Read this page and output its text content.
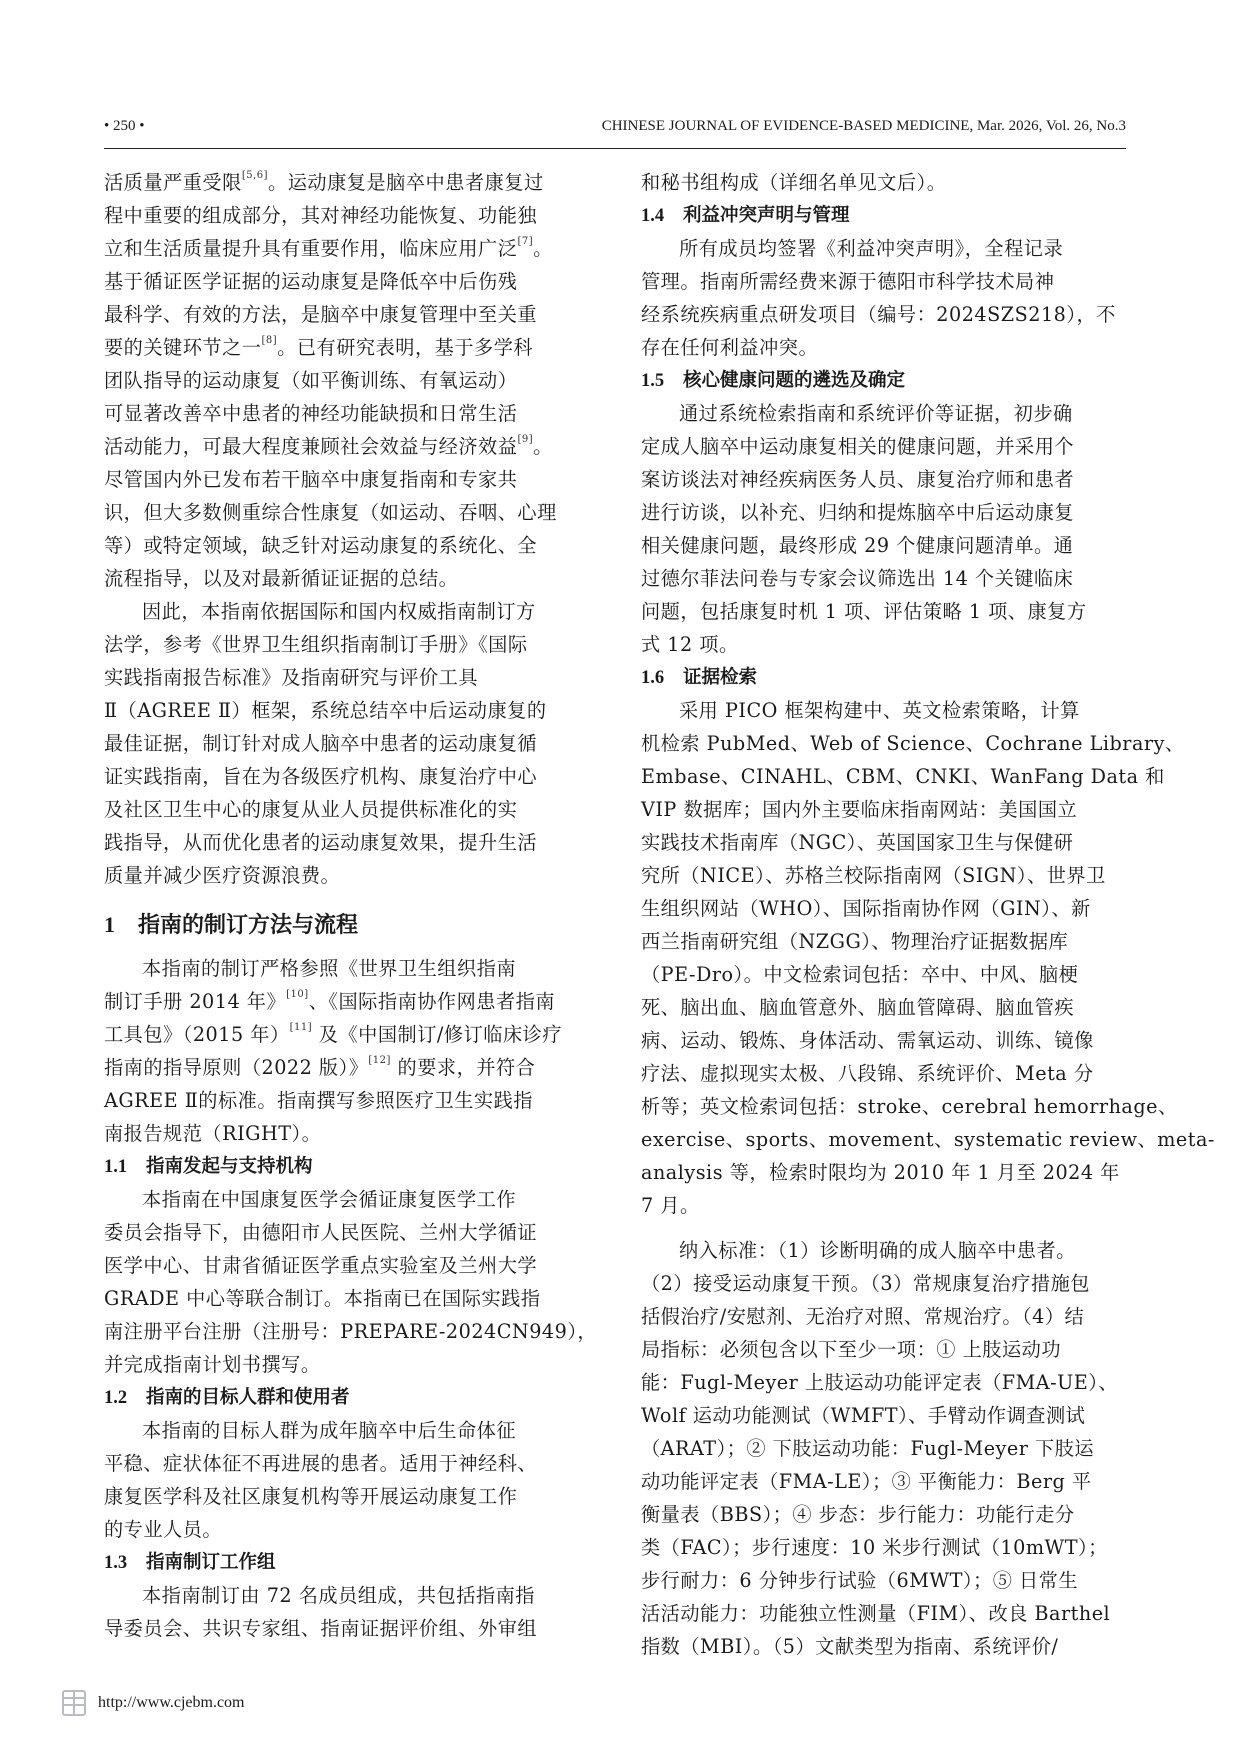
• 250 •	CHINESE JOURNAL OF EVIDENCE-BASED MEDICINE, Mar. 2026, Vol. 26, No.3
活质量严重受限[5,6]。运动康复是脑卒中患者康复过
程中重要的组成部分，其对神经功能恢复、功能独
立和生活质量提升具有重要作用，临床应用广泛[7]。
基于循证医学证据的运动康复是降低卒中后伤残
最科学、有效的方法，是脑卒中康复管理中至关重
要的关键环节之一[8]。已有研究表明，基于多学科
团队指导的运动康复（如平衡训练、有氧运动）
可显著改善卒中患者的神经功能缺损和日常生活
活动能力，可最大程度兼顾社会效益与经济效益[9]。
尽管国内外已发布若干脑卒中康复指南和专家共
识，但大多数侧重综合性康复（如运动、吞咽、心理
等）或特定领域，缺乏针对运动康复的系统化、全
流程指导，以及对最新循证证据的总结。
因此，本指南依据国际和国内权威指南制订方
法学，参考《世界卫生组织指南制订手册》《国际
实践指南报告标准》及指南研究与评价工具
Ⅱ（AGREE Ⅱ）框架，系统总结卒中后运动康复的
最佳证据，制订针对成人脑卒中患者的运动康复循
证实践指南，旨在为各级医疗机构、康复治疗中心
及社区卫生中心的康复从业人员提供标准化的实
践指导，从而优化患者的运动康复效果，提升生活
质量并减少医疗资源浪费。
1 指南的制订方法与流程
本指南的制订严格参照《世界卫生组织指南
制订手册 2014 年》[10]、《国际指南协作网患者指南
工具包》（2015 年）[11] 及《中国制订/修订临床诊疗
指南的指导原则（2022 版）》[12] 的要求，并符合
AGREE Ⅱ的标准。指南撰写参照医疗卫生实践指
南报告规范（RIGHT）。
1.1 指南发起与支持机构
本指南在中国康复医学会循证康复医学工作
委员会指导下，由德阳市人民医院、兰州大学循证
医学中心、甘肃省循证医学重点实验室及兰州大学
GRADE 中心等联合制订。本指南已在国际实践指
南注册平台注册（注册号：PREPARE-2024CN949），
并完成指南计划书撰写。
1.2 指南的目标人群和使用者
本指南的目标人群为成年脑卒中后生命体征
平稳、症状体征不再进展的患者。适用于神经科、
康复医学科及社区康复机构等开展运动康复工作
的专业人员。
1.3 指南制订工作组
本指南制订由 72 名成员组成，共包括指南指
导委员会、共识专家组、指南证据评价组、外审组
和秘书组构成（详细名单见文后）。
1.4 利益冲突声明与管理
所有成员均签署《利益冲突声明》，全程记录
管理。指南所需经费来源于德阳市科学技术局神
经系统疾病重点研发项目（编号：2024SZS218），不
存在任何利益冲突。
1.5 核心健康问题的遴选及确定
通过系统检索指南和系统评价等证据，初步确
定成人脑卒中运动康复相关的健康问题，并采用个
案访谈法对神经疾病医务人员、康复治疗师和患者
进行访谈，以补充、归纳和提炼脑卒中后运动康复
相关健康问题，最终形成 29 个健康问题清单。通
过德尔菲法问卷与专家会议筛选出 14 个关键临床
问题，包括康复时机 1 项、评估策略 1 项、康复方
式 12 项。
1.6 证据检索
采用 PICO 框架构建中、英文检索策略，计算
机检索 PubMed、Web of Science、Cochrane Library、
Embase、CINAHL、CBM、CNKI、WanFang Data 和
VIP 数据库；国内外主要临床指南网站：美国国立
实践技术指南库（NGC）、英国国家卫生与保健研
究所（NICE）、苏格兰校际指南网（SIGN）、世界卫
生组织网站（WHO）、国际指南协作网（GIN）、新
西兰指南研究组（NZGG）、物理治疗证据数据库
（PE-Dro）。中文检索词包括：卒中、中风、脑梗
死、脑出血、脑血管意外、脑血管障碍、脑血管疾
病、运动、锻炼、身体活动、需氧运动、训练、镜像
疗法、虚拟现实太极、八段锦、系统评价、Meta 分
析等；英文检索词包括：stroke、cerebral hemorrhage、
exercise、sports、movement、systematic review、meta-
analysis 等，检索时限均为 2010 年 1 月至 2024 年
7 月。
纳入标准：（1）诊断明确的成人脑卒中患者。
（2）接受运动康复干预。（3）常规康复治疗措施包
括假治疗/安慰剂、无治疗对照、常规治疗。（4）结
局指标：必须包含以下至少一项：① 上肢运动功
能：Fugl-Meyer 上肢运动功能评定表（FMA-UE）、
Wolf 运动功能测试（WMFT）、手臂动作调查测试
（ARAT）；② 下肢运动功能：Fugl-Meyer 下肢运
动功能评定表（FMA-LE）；③ 平衡能力：Berg 平
衡量表（BBS）；④ 步态：步行能力：功能行走分
类（FAC）；步行速度：10 米步行测试（10mWT）；
步行耐力：6 分钟步行试验（6MWT）；⑤ 日常生
活活动能力：功能独立性测量（FIM）、改良 Barthel
指数（MBI）。（5）文献类型为指南、系统评价/
http://www.cjebm.com
